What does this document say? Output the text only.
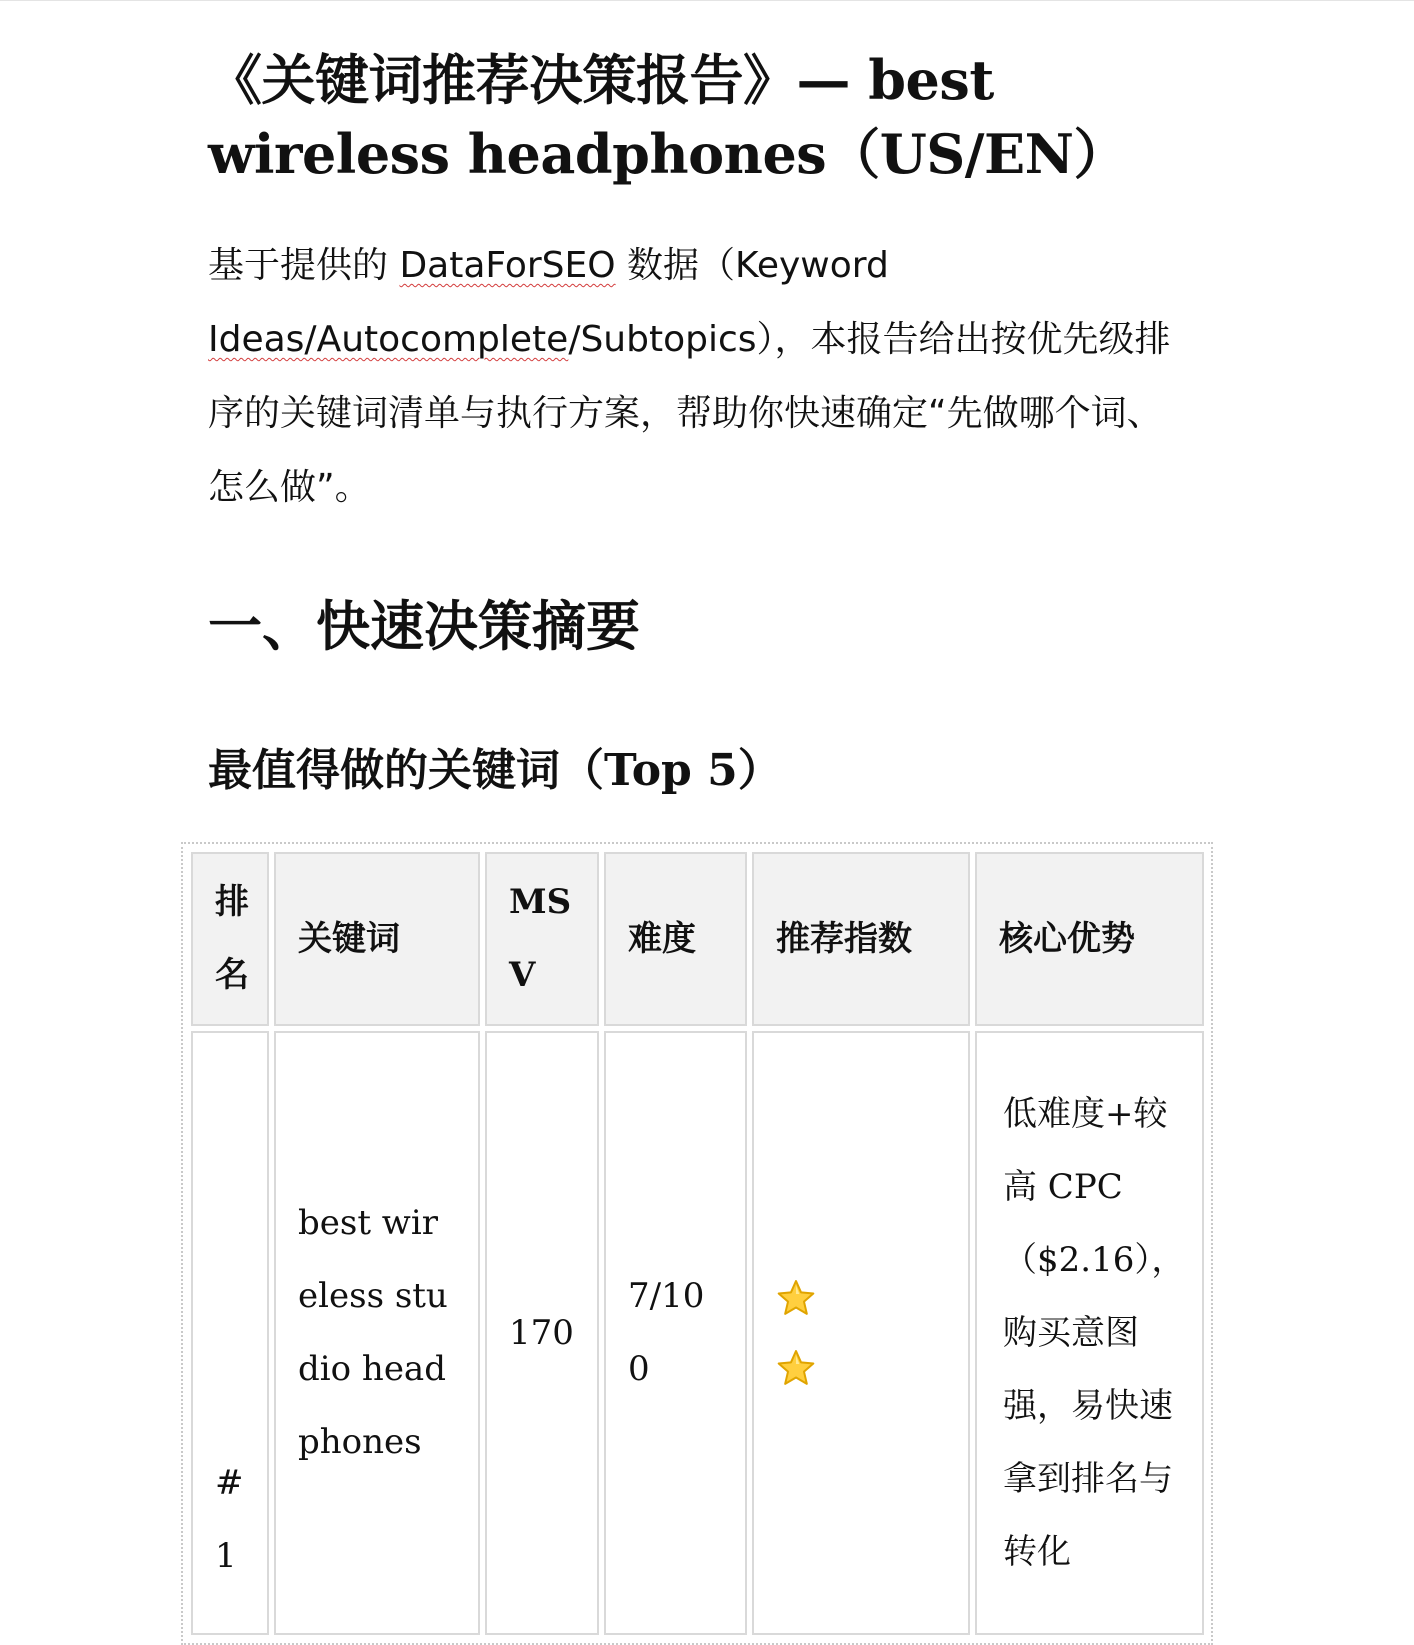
《关键词推荐决策报告》— best wireless headphones（US/EN）

基于提供的 DataForSEO 数据（Keyword Ideas/Autocomplete/Subtopics），本报告给出按优先级排序的关键词清单与执行方案，帮助你快速确定“先做哪个词、怎么做”。

一、快速决策摘要
最值得做的关键词（Top 5）
排名	关键词	MSV	难度	推荐指数	核心优势
#1	best wireless studio headphones	170	7/100		低难度+较高 CPC（$2.16），购买意图强，易快速拿到排名与转化
